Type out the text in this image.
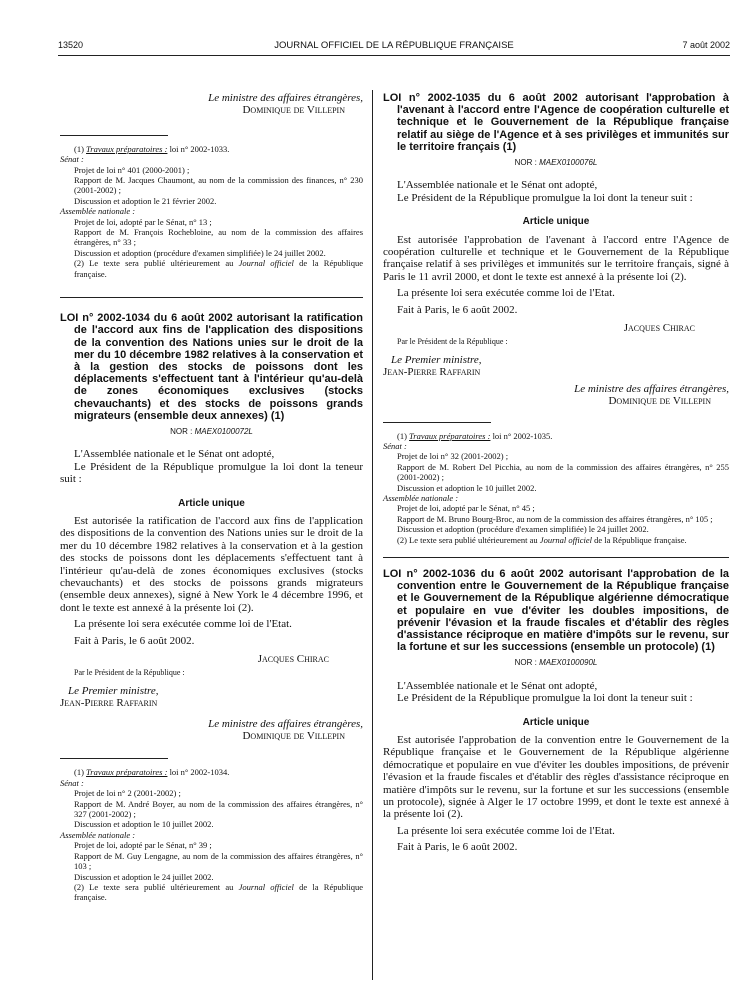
13520	JOURNAL OFFICIEL DE LA RÉPUBLIQUE FRANÇAISE	7 août 2002

Le ministre des affaires étrangères,

Dominique de Villepin

(1) Travaux préparatoires : loi n° 2002-1033.

Sénat :

Projet de loi n° 401 (2000-2001) ;

Rapport de M. Jacques Chaumont, au nom de la commission des finances, n° 230 (2001-2002) ;

Discussion et adoption le 21 février 2002.

Assemblée nationale :

Projet de loi, adopté par le Sénat, n° 13 ;

Rapport de M. François Rochebloine, au nom de la commission des affaires étrangères, n° 33 ;

Discussion et adoption (procédure d'examen simplifiée) le 24 juillet 2002.

(2) Le texte sera publié ultérieurement au Journal officiel de la République française.

LOI n° 2002-1034 du 6 août 2002 autorisant la ratification de l'accord aux fins de l'application des dispositions de la convention des Nations unies sur le droit de la mer du 10 décembre 1982 relatives à la conservation et à la gestion des stocks de poissons dont les déplacements s'effectuent tant à l'intérieur qu'au-delà de zones économiques exclusives (stocks chevauchants) et des stocks de poissons grands migrateurs (ensemble deux annexes) (1)

NOR : MAEX0100072L

L'Assemblée nationale et le Sénat ont adopté,

Le Président de la République promulgue la loi dont la teneur suit :

Article unique

Est autorisée la ratification de l'accord aux fins de l'application des dispositions de la convention des Nations unies sur le droit de la mer du 10 décembre 1982 relatives à la conservation et à la gestion des stocks de poissons dont les déplacements s'effectuent tant à l'intérieur qu'au-delà de zones économiques exclusives (stocks chevauchants) et des stocks de poissons grands migrateurs (ensemble deux annexes), signé à New York le 4 décembre 1996, et dont le texte est annexé à la présente loi (2).

La présente loi sera exécutée comme loi de l'Etat.

Fait à Paris, le 6 août 2002.

Jacques Chirac

Par le Président de la République :

Le Premier ministre,

Jean-Pierre Raffarin

Le ministre des affaires étrangères,

Dominique de Villepin

(1) Travaux préparatoires : loi n° 2002-1034.

Sénat :

Projet de loi n° 2 (2001-2002) ;

Rapport de M. André Boyer, au nom de la commission des affaires étrangères, n° 327 (2001-2002) ;

Discussion et adoption le 10 juillet 2002.

Assemblée nationale :

Projet de loi, adopté par le Sénat, n° 39 ;

Rapport de M. Guy Lengagne, au nom de la commission des affaires étrangères, n° 103 ;

Discussion et adoption le 24 juillet 2002.

(2) Le texte sera publié ultérieurement au Journal officiel de la République française.

LOI n° 2002-1035 du 6 août 2002 autorisant l'approbation à l'avenant à l'accord entre l'Agence de coopération culturelle et technique et le Gouvernement de la République française relatif au siège de l'Agence et à ses privilèges et immunités sur le territoire français (1)

NOR : MAEX0100076L

L'Assemblée nationale et le Sénat ont adopté,

Le Président de la République promulgue la loi dont la teneur suit :

Article unique

Est autorisée l'approbation de l'avenant à l'accord entre l'Agence de coopération culturelle et technique et le Gouvernement de la République française relatif à ses privilèges et immunités sur le territoire français, signé à Paris le 11 avril 2000, et dont le texte est annexé à la présente loi (2).

La présente loi sera exécutée comme loi de l'Etat.

Fait à Paris, le 6 août 2002.

Jacques Chirac

Par le Président de la République :

Le Premier ministre,

Jean-Pierre Raffarin

Le ministre des affaires étrangères,

Dominique de Villepin

(1) Travaux préparatoires : loi n° 2002-1035.

Sénat :

Projet de loi n° 32 (2001-2002) ;

Rapport de M. Robert Del Picchia, au nom de la commission des affaires étrangères, n° 255 (2001-2002) ;

Discussion et adoption le 10 juillet 2002.

Assemblée nationale :

Projet de loi, adopté par le Sénat, n° 45 ;

Rapport de M. Bruno Bourg-Broc, au nom de la commission des affaires étrangères, n° 105 ;

Discussion et adoption (procédure d'examen simplifiée) le 24 juillet 2002.

(2) Le texte sera publié ultérieurement au Journal officiel de la République française.

LOI n° 2002-1036 du 6 août 2002 autorisant l'approbation de la convention entre le Gouvernement de la République française et le Gouvernement de la République algérienne démocratique et populaire en vue d'éviter les doubles impositions, de prévenir l'évasion et la fraude fiscales et d'établir des règles d'assistance réciproque en matière d'impôts sur le revenu, sur la fortune et sur les successions (ensemble un protocole) (1)

NOR : MAEX0100090L

L'Assemblée nationale et le Sénat ont adopté,

Le Président de la République promulgue la loi dont la teneur suit :

Article unique

Est autorisée l'approbation de la convention entre le Gouvernement de la République française et le Gouvernement de la République algérienne démocratique et populaire en vue d'éviter les doubles impositions, de prévenir l'évasion et la fraude fiscales et d'établir des règles d'assistance réciproque en matière d'impôts sur le revenu, sur la fortune et sur les successions (ensemble un protocole), signée à Alger le 17 octobre 1999, et dont le texte est annexé à la présente loi (2).

La présente loi sera exécutée comme loi de l'Etat.

Fait à Paris, le 6 août 2002.
